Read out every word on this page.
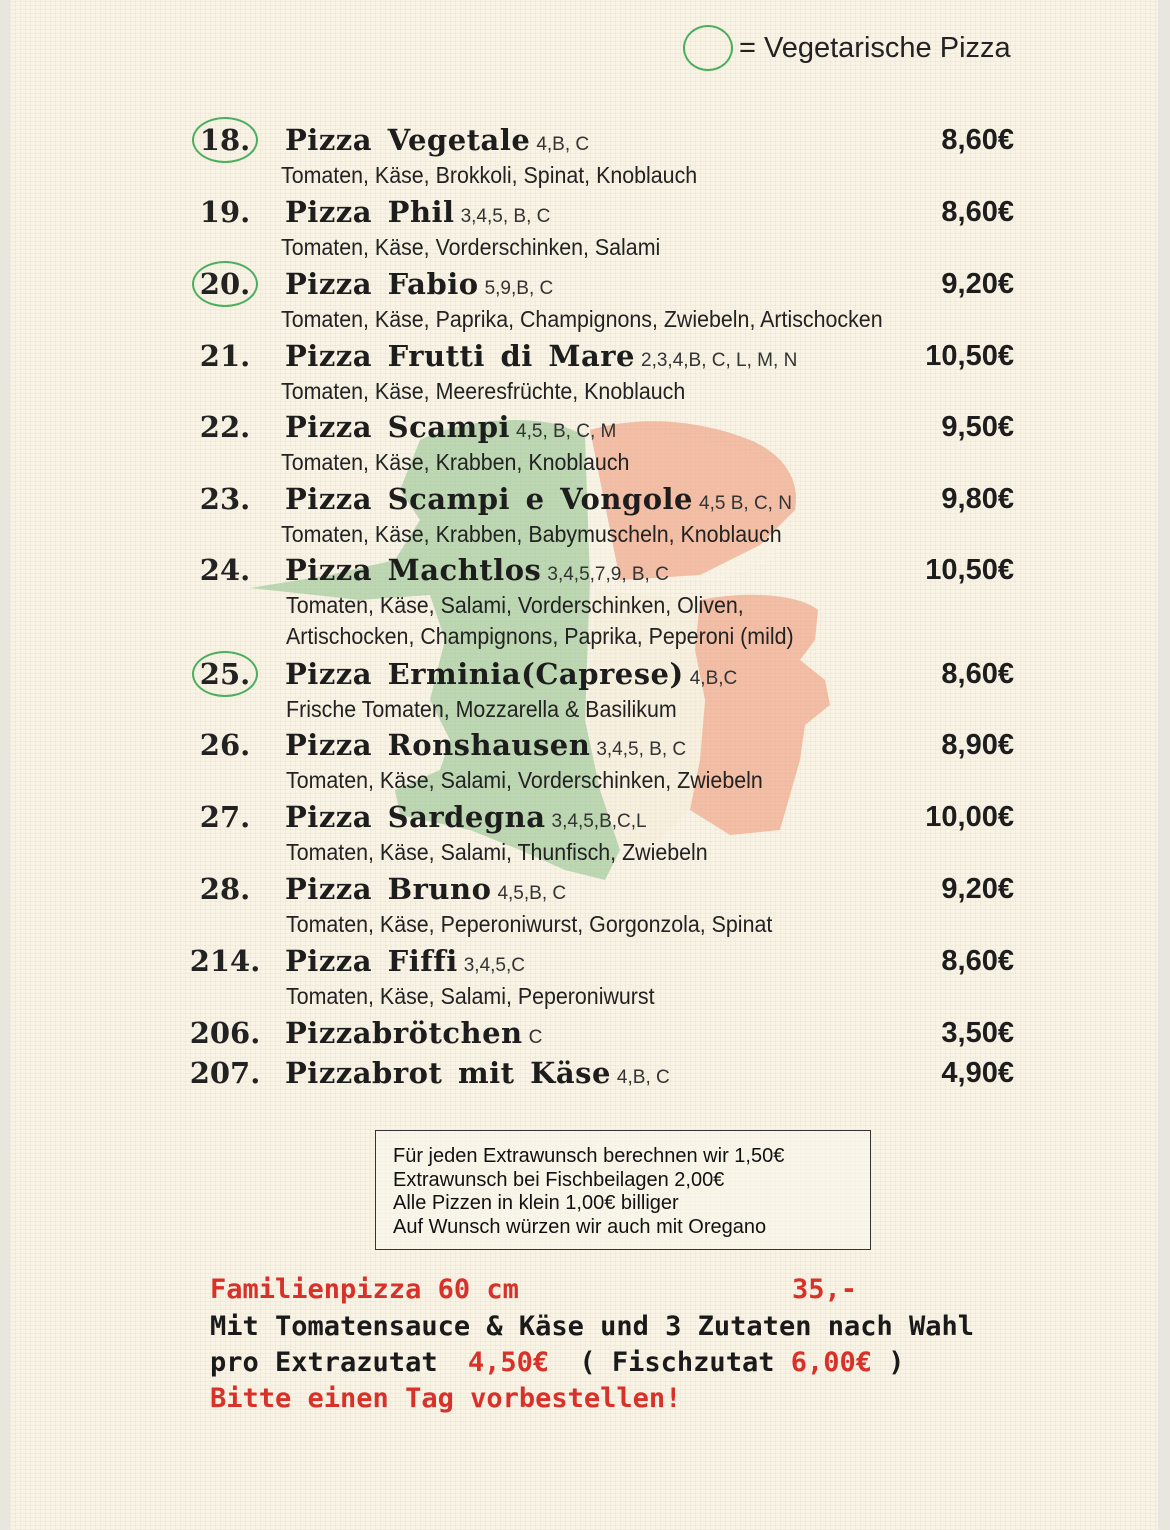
= Vegetarische Pizza
18. Pizza Vegetale 4,B, C	8,60€
Tomaten, Käse, Brokkoli, Spinat, Knoblauch
19. Pizza Phil 3,4,5, B, C	8,60€
Tomaten, Käse, Vorderschinken, Salami
20. Pizza Fabio 5,9,B, C	9,20€
Tomaten, Käse, Paprika, Champignons, Zwiebeln, Artischocken
21. Pizza Frutti di Mare 2,3,4,B, C, L, M, N	10,50€
Tomaten, Käse, Meeresfrüchte, Knoblauch
22. Pizza Scampi 4,5, B, C, M	9,50€
Tomaten, Käse, Krabben, Knoblauch
23. Pizza Scampi e Vongole 4,5 B, C, N	9,80€
Tomaten, Käse, Krabben, Babymuscheln, Knoblauch
24. Pizza Machtlos 3,4,5,7,9, B, C	10,50€
Tomaten, Käse, Salami, Vorderschinken, Oliven,
Artischocken, Champignons, Paprika, Peperoni (mild)
25. Pizza Erminia(Caprese) 4,B,C	8,60€
Frische Tomaten, Mozzarella & Basilikum
26. Pizza Ronshausen 3,4,5, B, C	8,90€
Tomaten, Käse, Salami, Vorderschinken, Zwiebeln
27. Pizza Sardegna 3,4,5,B,C,L	10,00€
Tomaten, Käse, Salami, Thunfisch, Zwiebeln
28. Pizza Bruno 4,5,B, C	9,20€
Tomaten, Käse, Peperoniwurst, Gorgonzola, Spinat
214. Pizza Fiffi 3,4,5,C	8,60€
Tomaten, Käse, Salami, Peperoniwurst
206. Pizzabrötchen C	3,50€
207. Pizzabrot mit Käse 4,B, C	4,90€
Für jeden Extrawunsch berechnen wir 1,50€
Extrawunsch bei Fischbeilagen 2,00€
Alle Pizzen in klein 1,00€ billiger
Auf Wunsch würzen wir auch mit Oregano
Familienpizza 60 cm	35,-
Mit Tomatensauce & Käse und 3 Zutaten nach Wahl
pro Extrazutat 4,50€ ( Fischzutat 6,00€ )
Bitte einen Tag vorbestellen!
